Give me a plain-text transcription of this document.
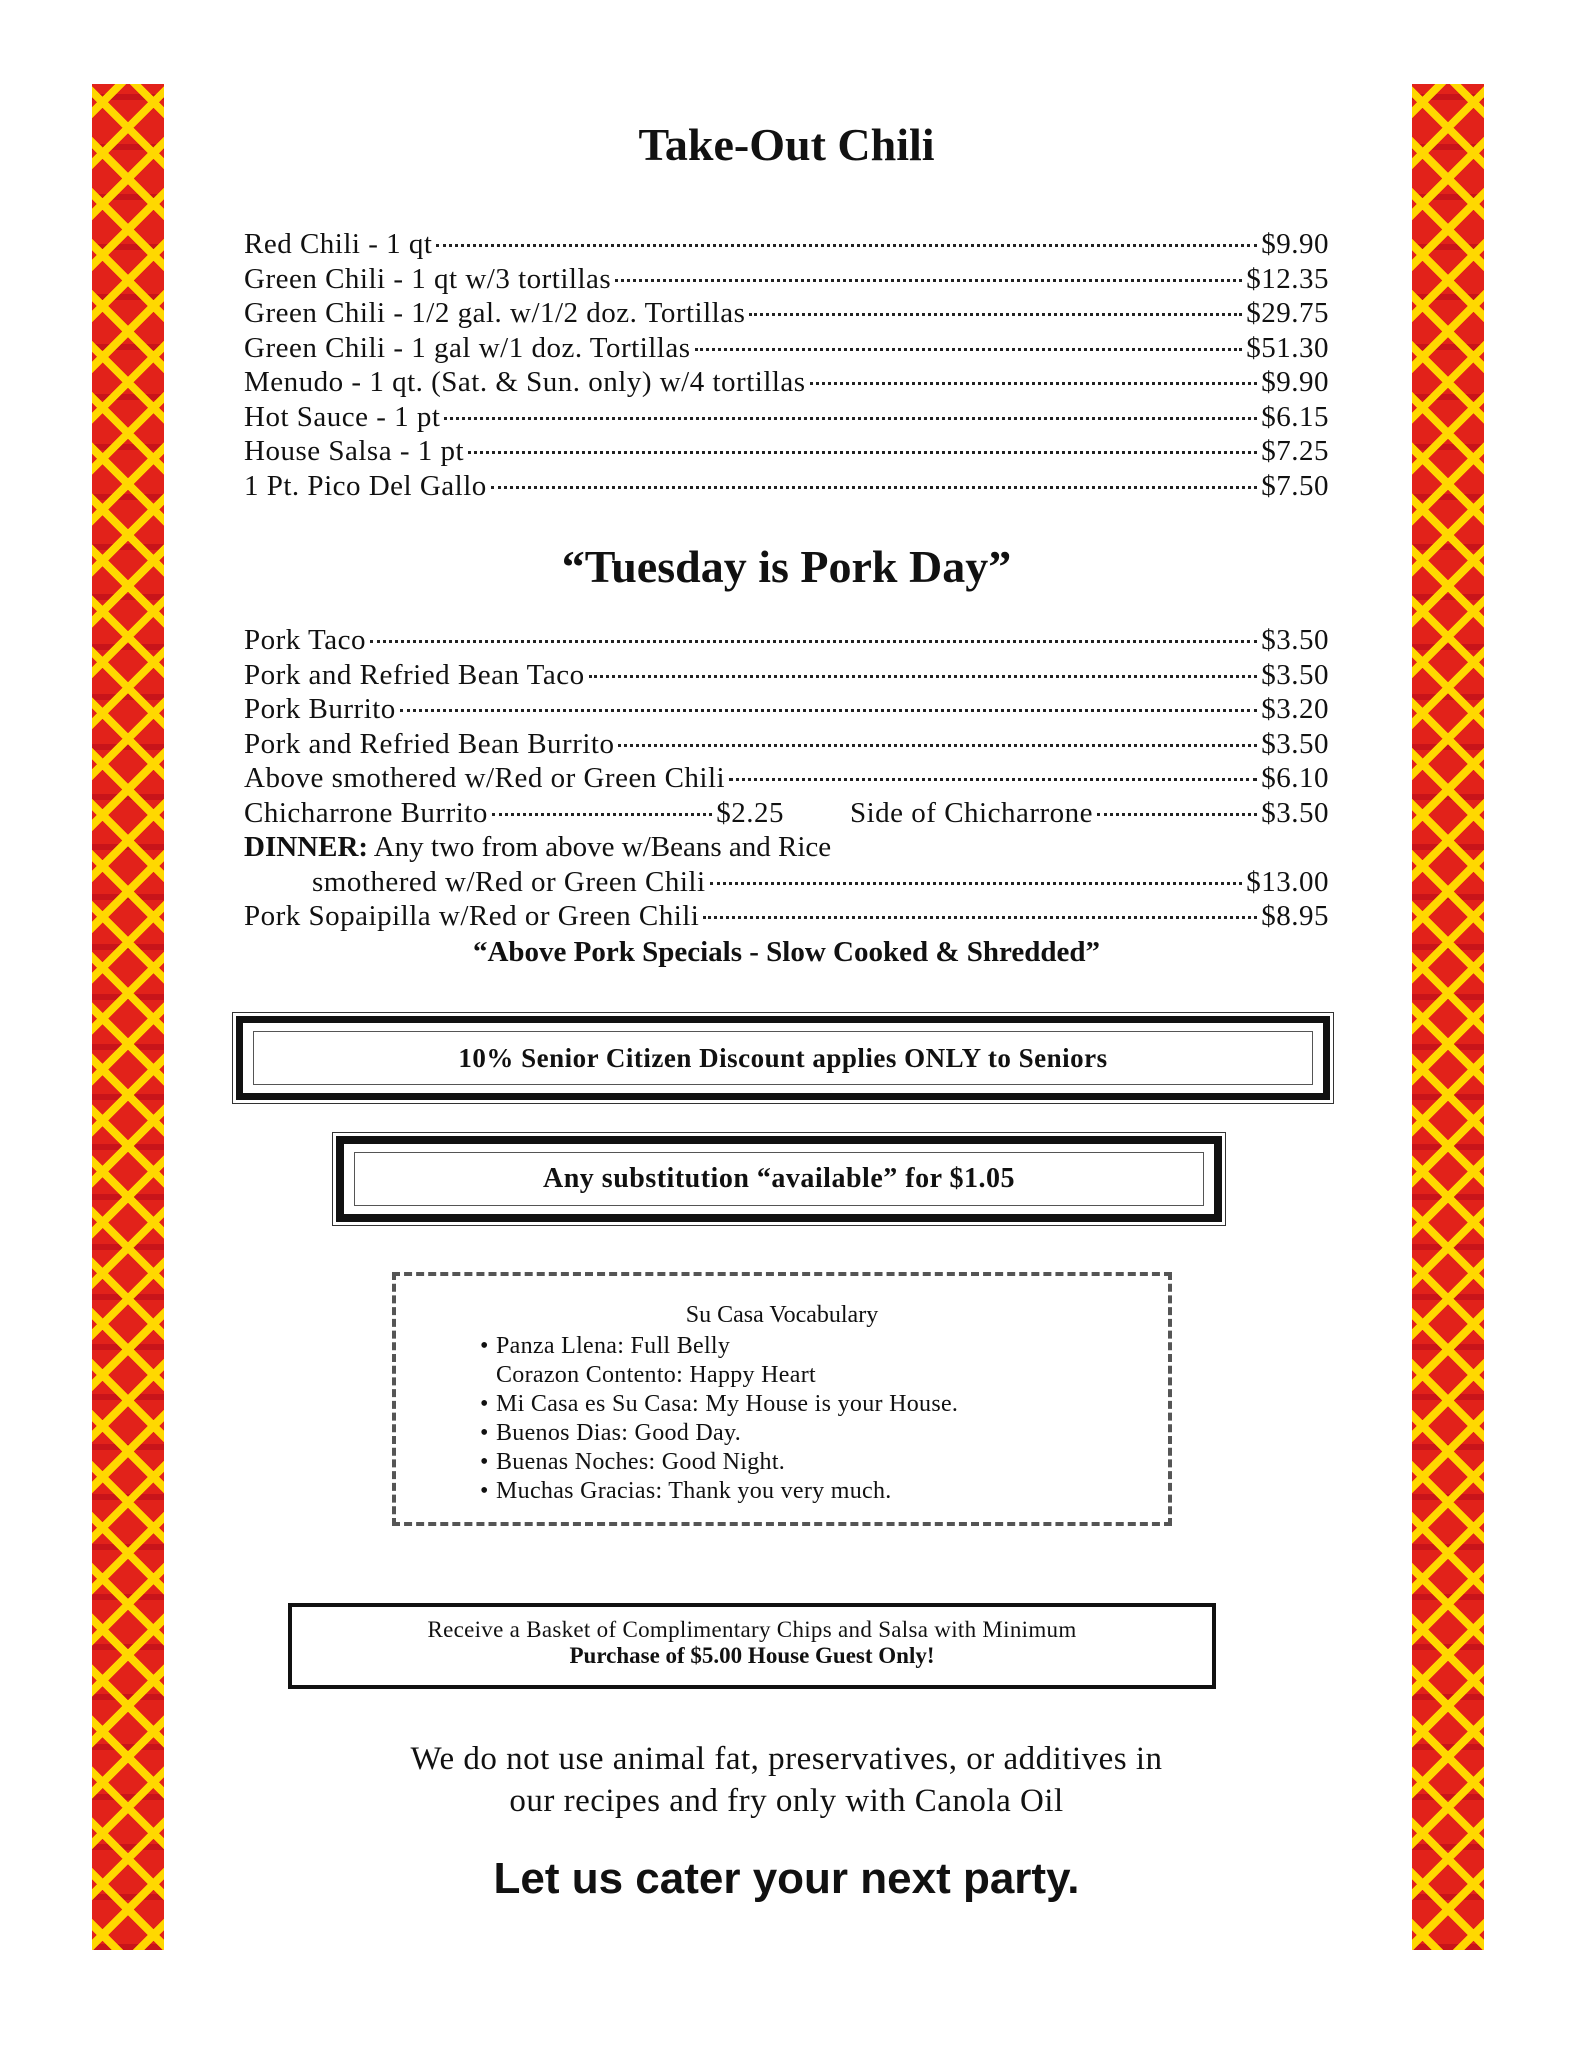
Take-Out Chili
Red Chili - 1 qt	$9.90
Green Chili - 1 qt w/3 tortillas	$12.35
Green Chili - 1/2 gal. w/1/2 doz. Tortillas	$29.75
Green Chili - 1 gal w/1 doz. Tortillas	$51.30
Menudo - 1 qt. (Sat. & Sun. only) w/4 tortillas	$9.90
Hot Sauce - 1 pt	$6.15
House Salsa - 1 pt	$7.25
1 Pt. Pico Del Gallo	$7.50
“Tuesday is Pork Day”
Pork Taco	$3.50
Pork and Refried Bean Taco	$3.50
Pork Burrito	$3.20
Pork and Refried Bean Burrito	$3.50
Above smothered w/Red or Green Chili	$6.10
Chicharrone Burrito	$2.25 Side of Chicharrone	$3.50
DINNER: Any two from above w/Beans and Rice
smothered w/Red or Green Chili	$13.00
Pork Sopaipilla w/Red or Green Chili	$8.95
“Above Pork Specials - Slow Cooked & Shredded”
10% Senior Citizen Discount applies ONLY to Seniors
Any substitution “available” for $1.05
Su Casa Vocabulary
• Panza Llena: Full Belly
Corazon Contento: Happy Heart
• Mi Casa es Su Casa: My House is your House.
• Buenos Dias: Good Day.
• Buenas Noches: Good Night.
• Muchas Gracias: Thank you very much.
Receive a Basket of Complimentary Chips and Salsa with Minimum
Purchase of $5.00 House Guest Only!
We do not use animal fat, preservatives, or additives in
our recipes and fry only with Canola Oil
Let us cater your next party.
